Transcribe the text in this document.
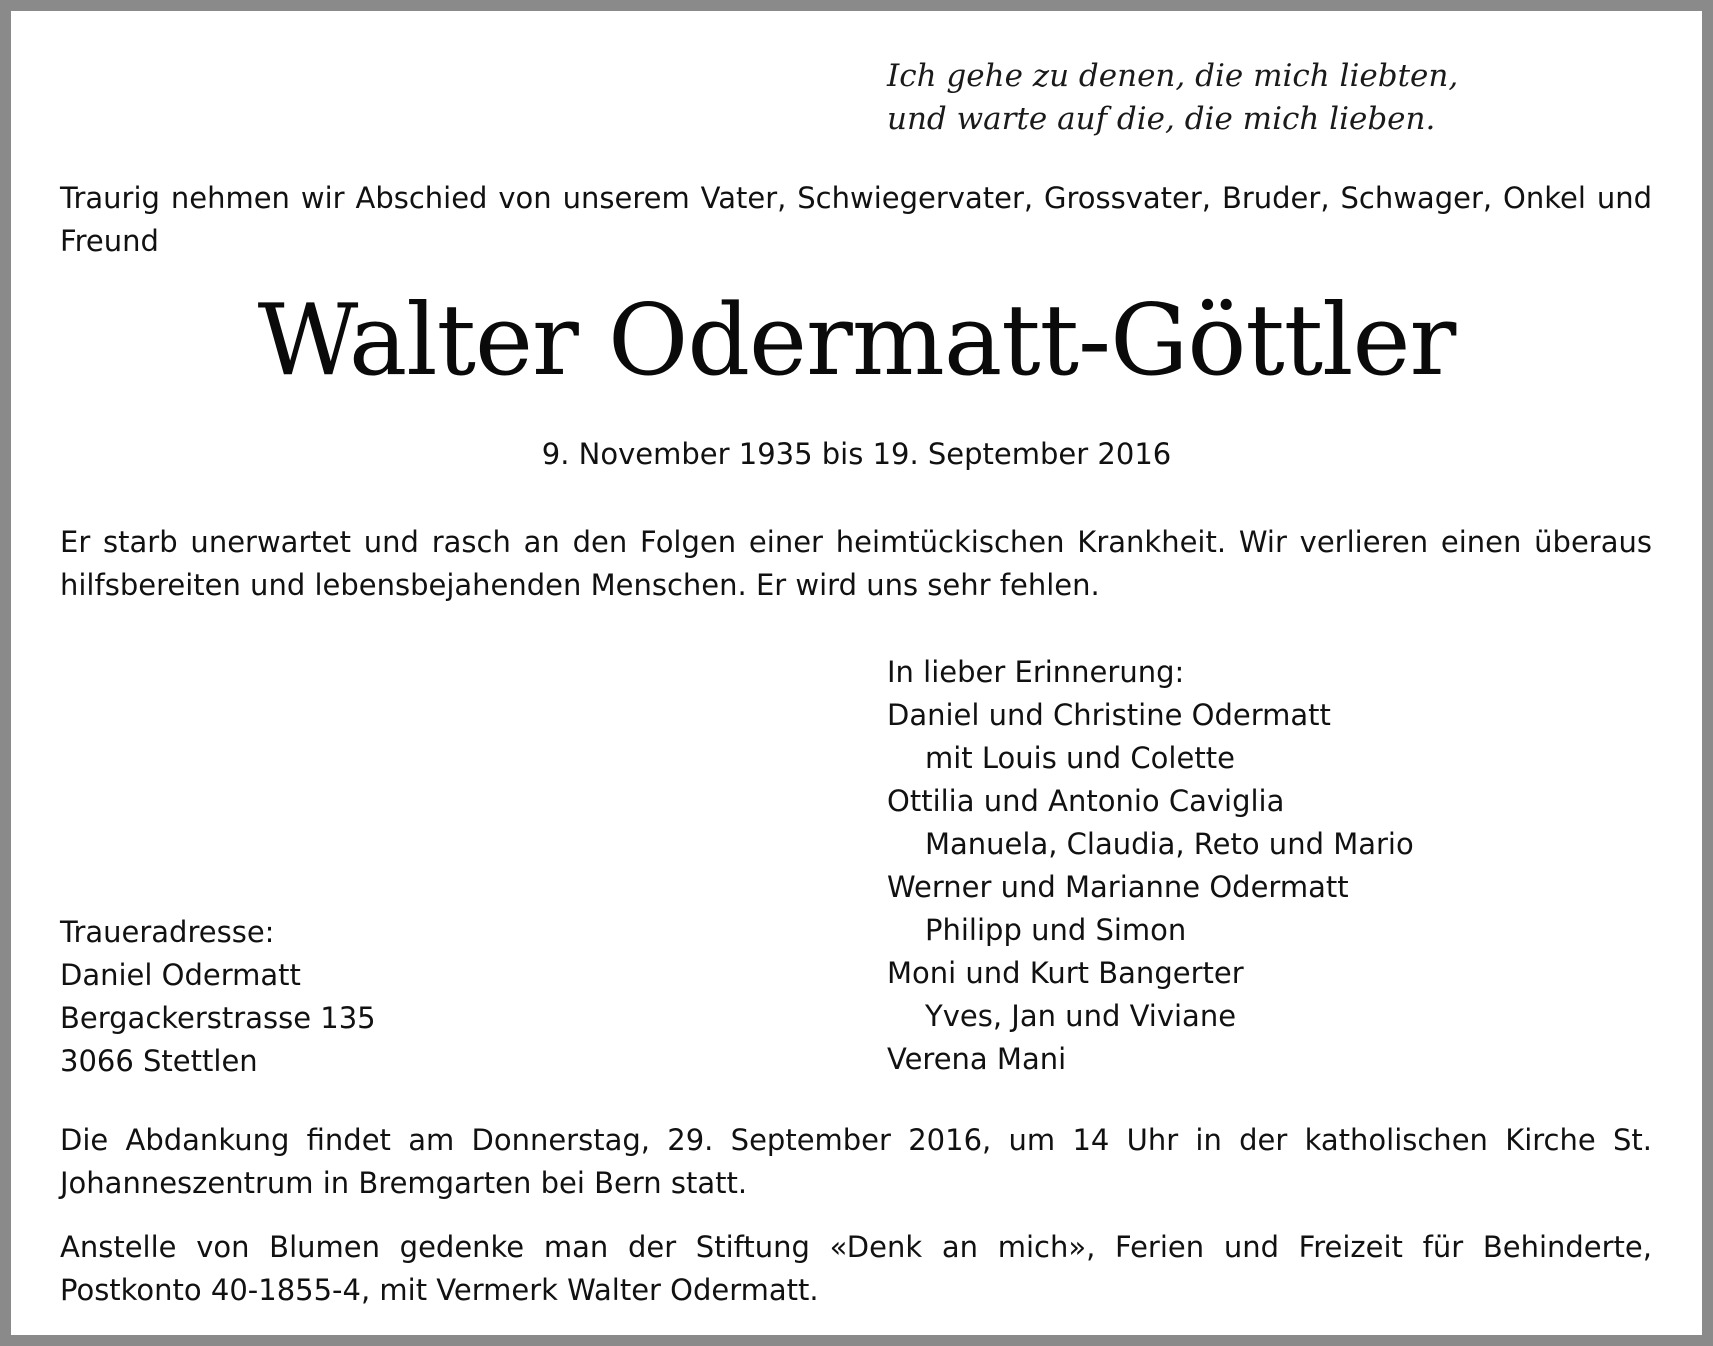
Ich gehe zu denen, die mich liebten,
und warte auf die, die mich lieben.
Traurig nehmen wir Abschied von unserem Vater, Schwiegervater, Grossvater, Bruder, Schwager, Onkel und Freund
Walter Odermatt-Göttler
9. November 1935 bis 19. September 2016
Er starb unerwartet und rasch an den Folgen einer heimtückischen Krankheit. Wir verlieren einen überaus hilfsbereiten und lebensbejahenden Menschen. Er wird uns sehr fehlen.
In lieber Erinnerung:
Daniel und Christine Odermatt
mit Louis und Colette
Ottilia und Antonio Caviglia
Manuela, Claudia, Reto und Mario
Werner und Marianne Odermatt
Philipp und Simon
Moni und Kurt Bangerter
Yves, Jan und Viviane
Verena Mani
Traueradresse:
Daniel Odermatt
Bergackerstrasse 135
3066 Stettlen
Die Abdankung findet am Donnerstag, 29. September 2016, um 14 Uhr in der katholischen Kirche St. Johanneszentrum in Bremgarten bei Bern statt.
Anstelle von Blumen gedenke man der Stiftung «Denk an mich», Ferien und Freizeit für Behinderte, Postkonto 40-1855-4, mit Vermerk Walter Odermatt.
